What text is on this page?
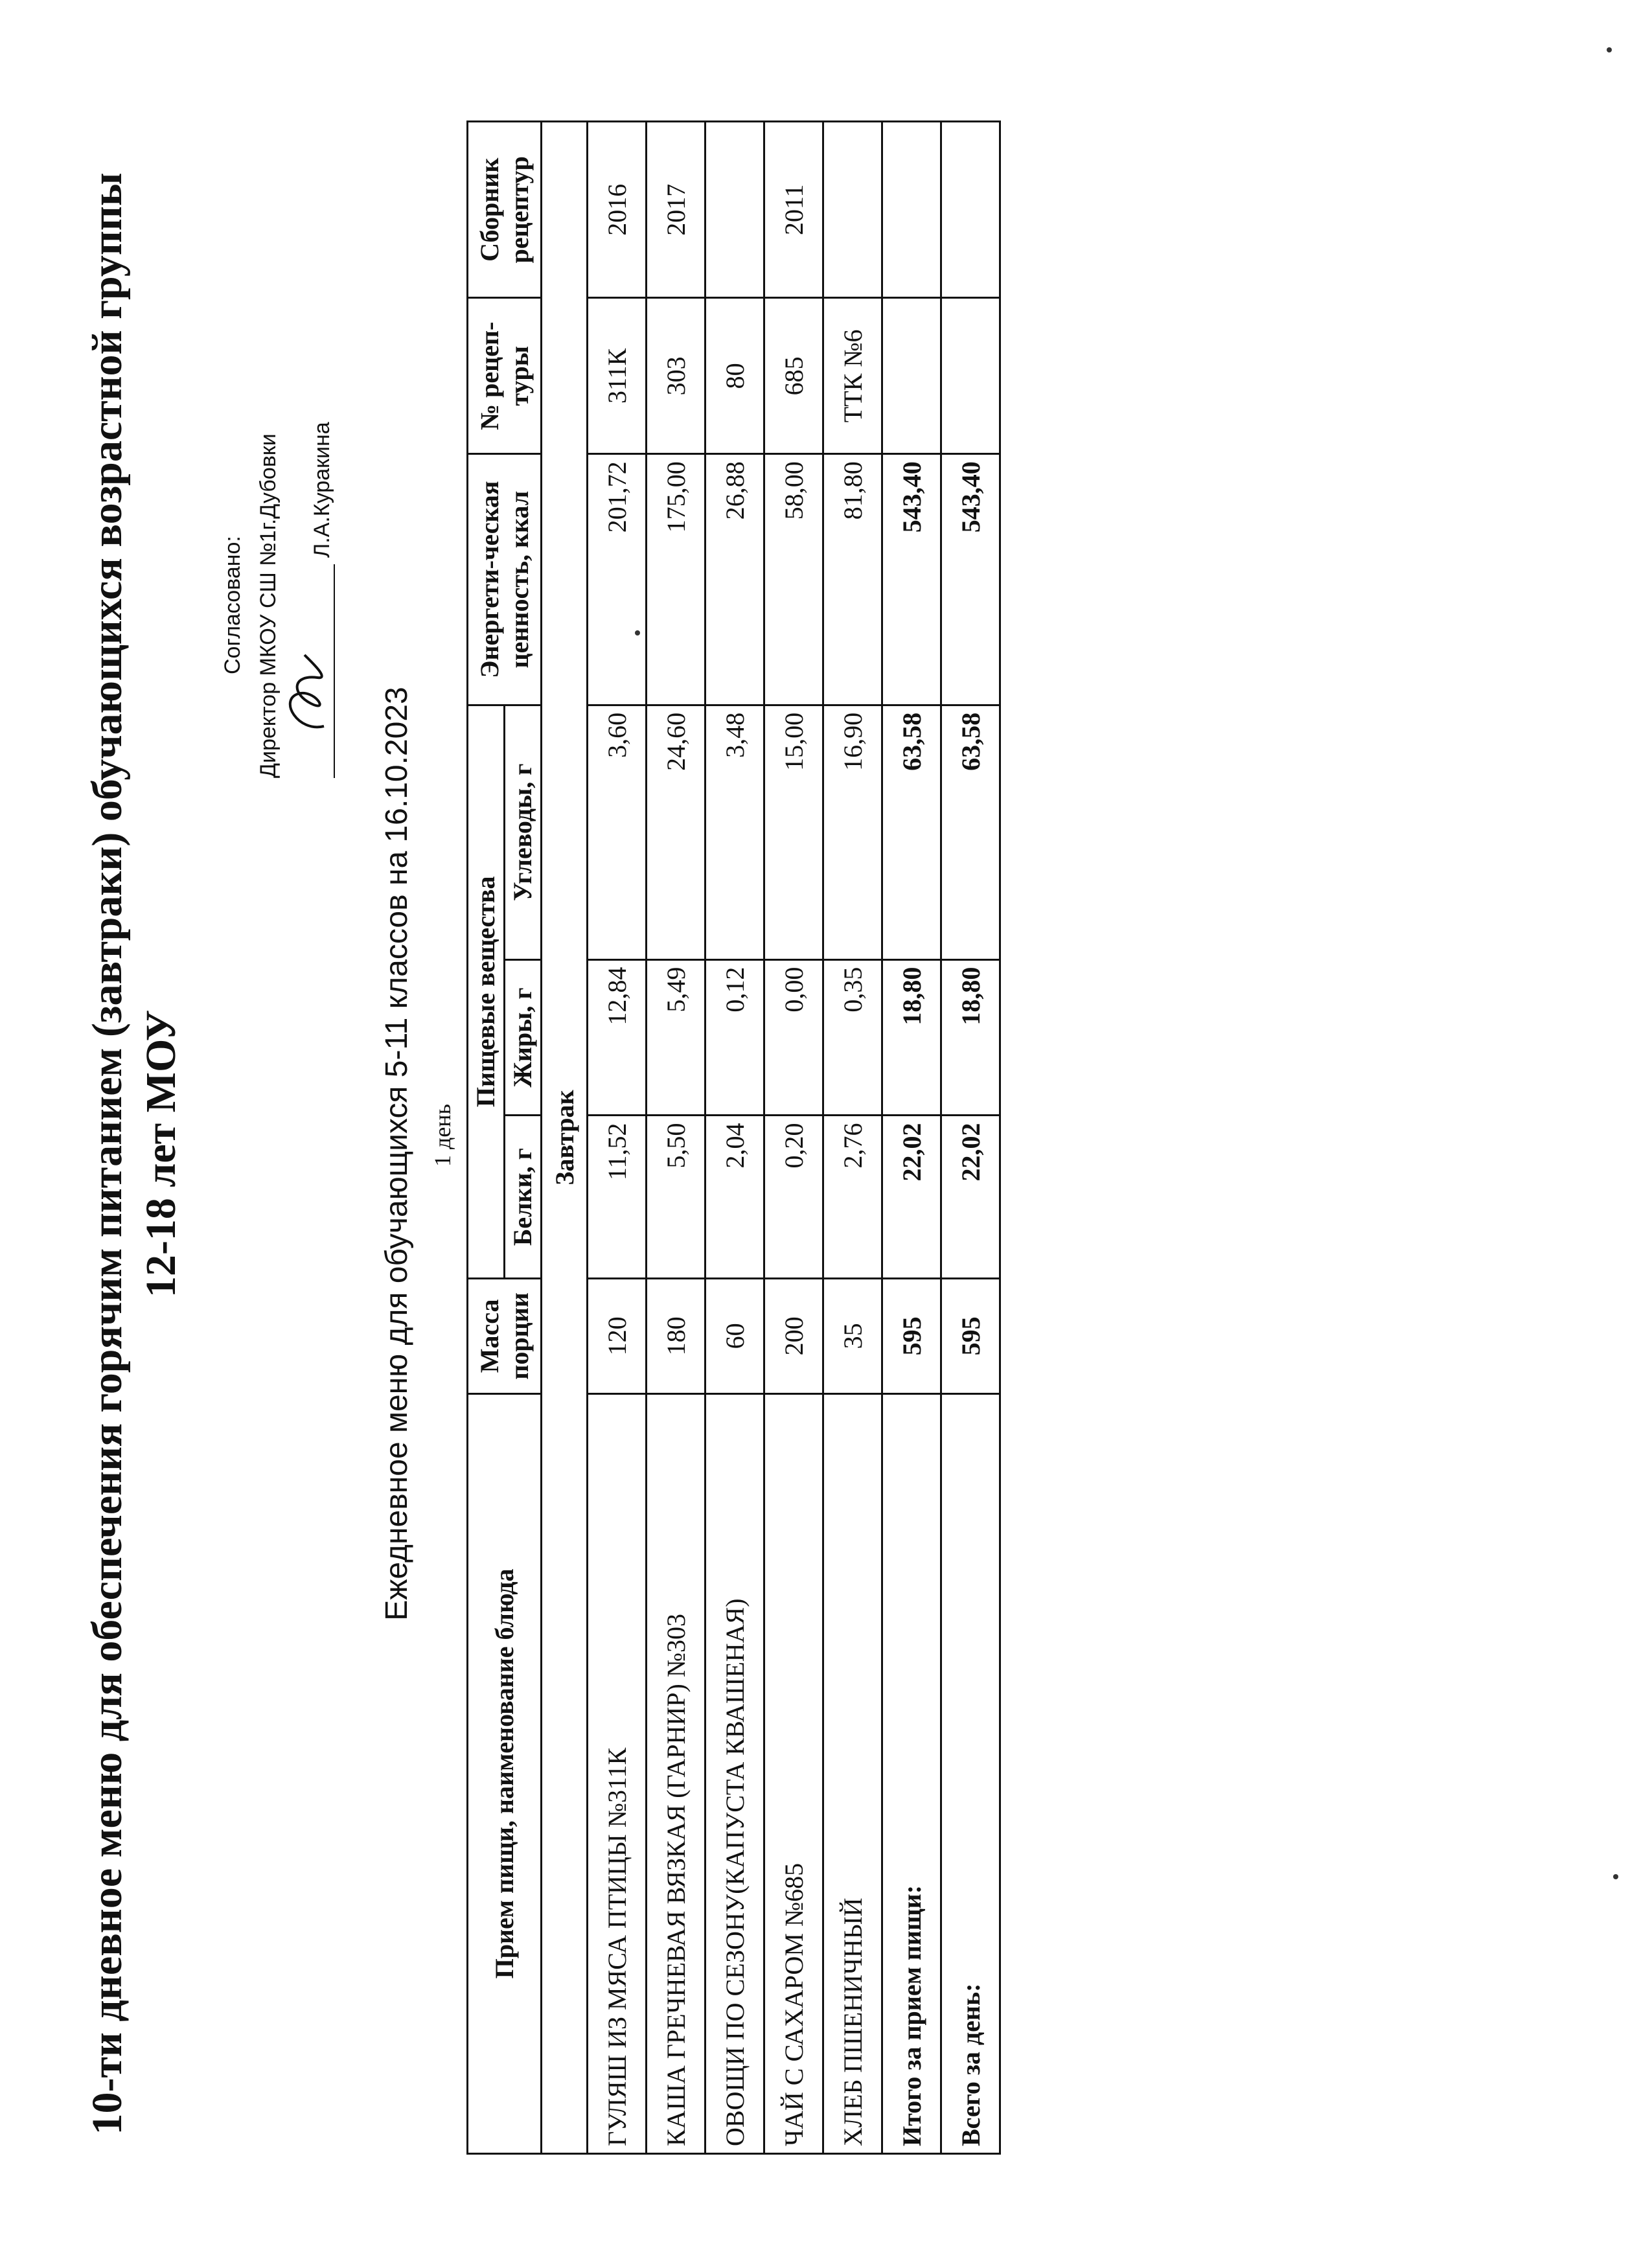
10-ти дневное меню для обеспечения горячим питанием (завтраки) обучающихся возрастной группы 12-18 лет МОУ
Согласовано: Директор МКОУ СШ №1г.Дубовки Л.А.Куракина
Ежедневное меню для обучающихся 5-11 классов на 16.10.2023 1 день
Прием пищи, наименование блюда	Масса порции	Пищевые вещества			Энергети-ческая ценность, ккал	№ рецеп-туры	Сборник рецептур
		Белки, г	Жиры, г	Углеводы, г			
Завтрак							
ГУЛЯШ ИЗ МЯСА ПТИЦЫ №311К	120	11,52	12,84	3,60	201,72	311К	2016
КАША ГРЕЧНЕВАЯ ВЯЗКАЯ (ГАРНИР) №303	180	5,50	5,49	24,60	175,00	303	2017
ОВОЩИ ПО СЕЗОНУ(КАПУСТА КВАШЕНАЯ)	60	2,04	0,12	3,48	26,88	80	
ЧАЙ С САХАРОМ №685	200	0,20	0,00	15,00	58,00	685	2011
ХЛЕБ ПШЕНИЧНЫЙ	35	2,76	0,35	16,90	81,80	ТТК №6	
Итого за прием пищи:	595	22,02	18,80	63,58	543,40		
Всего за день:	595	22,02	18,80	63,58	543,40		
